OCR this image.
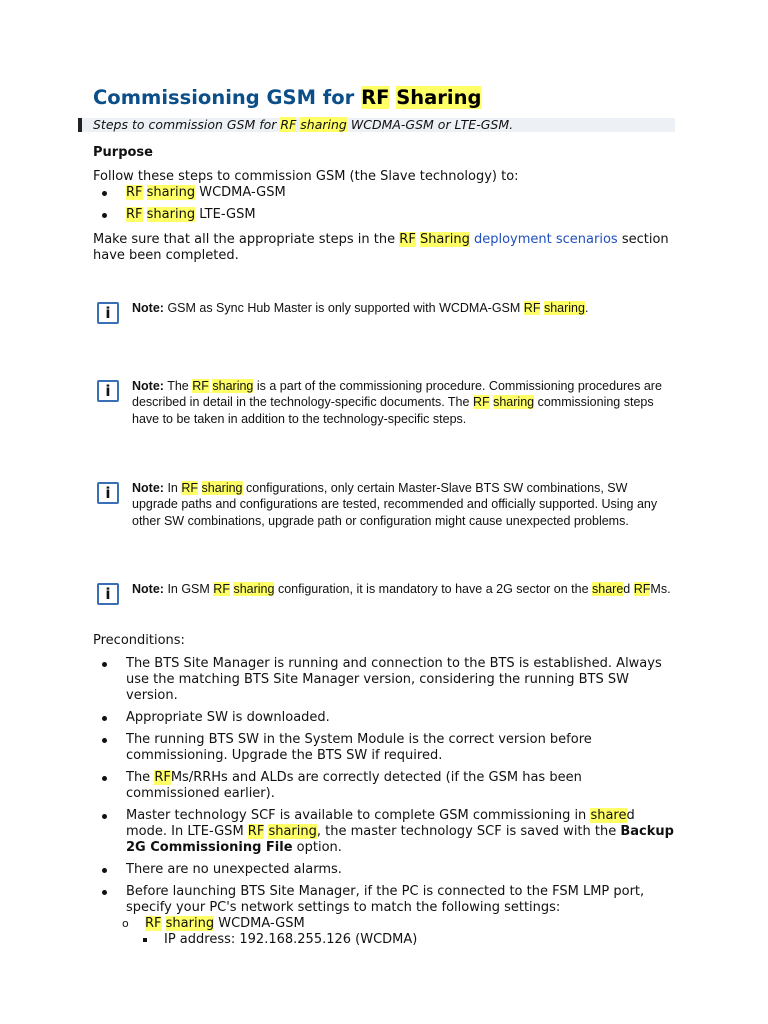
Commissioning GSM for RF Sharing
Steps to commission GSM for RF sharing WCDMA-GSM or LTE-GSM.
Purpose
Follow these steps to commission GSM (the Slave technology) to:
RF sharing WCDMA-GSM
RF sharing LTE-GSM
Make sure that all the appropriate steps in the RF Sharing deployment scenarios section have been completed.
i	Note: GSM as Sync Hub Master is only supported with WCDMA-GSM RF sharing.
i	Note: The RF sharing is a part of the commissioning procedure. Commissioning procedures are described in detail in the technology-specific documents. The RF sharing commissioning steps have to be taken in addition to the technology-specific steps.
i	Note: In RF sharing configurations, only certain Master-Slave BTS SW combinations, SW upgrade paths and configurations are tested, recommended and officially supported. Using any other SW combinations, upgrade path or configuration might cause unexpected problems.
i	Note: In GSM RF sharing configuration, it is mandatory to have a 2G sector on the shared RFMs.
Preconditions:
The BTS Site Manager is running and connection to the BTS is established. Always use the matching BTS Site Manager version, considering the running BTS SW version.
Appropriate SW is downloaded.
The running BTS SW in the System Module is the correct version before commissioning. Upgrade the BTS SW if required.
The RFMs/RRHs and ALDs are correctly detected (if the GSM has been commissioned earlier).
Master technology SCF is available to complete GSM commissioning in shared mode. In LTE-GSM RF sharing, the master technology SCF is saved with the Backup 2G Commissioning File option.
There are no unexpected alarms.
Before launching BTS Site Manager, if the PC is connected to the FSM LMP port, specify your PC's network settings to match the following settings:
o RF sharing WCDMA-GSM
IP address: 192.168.255.126 (WCDMA)
